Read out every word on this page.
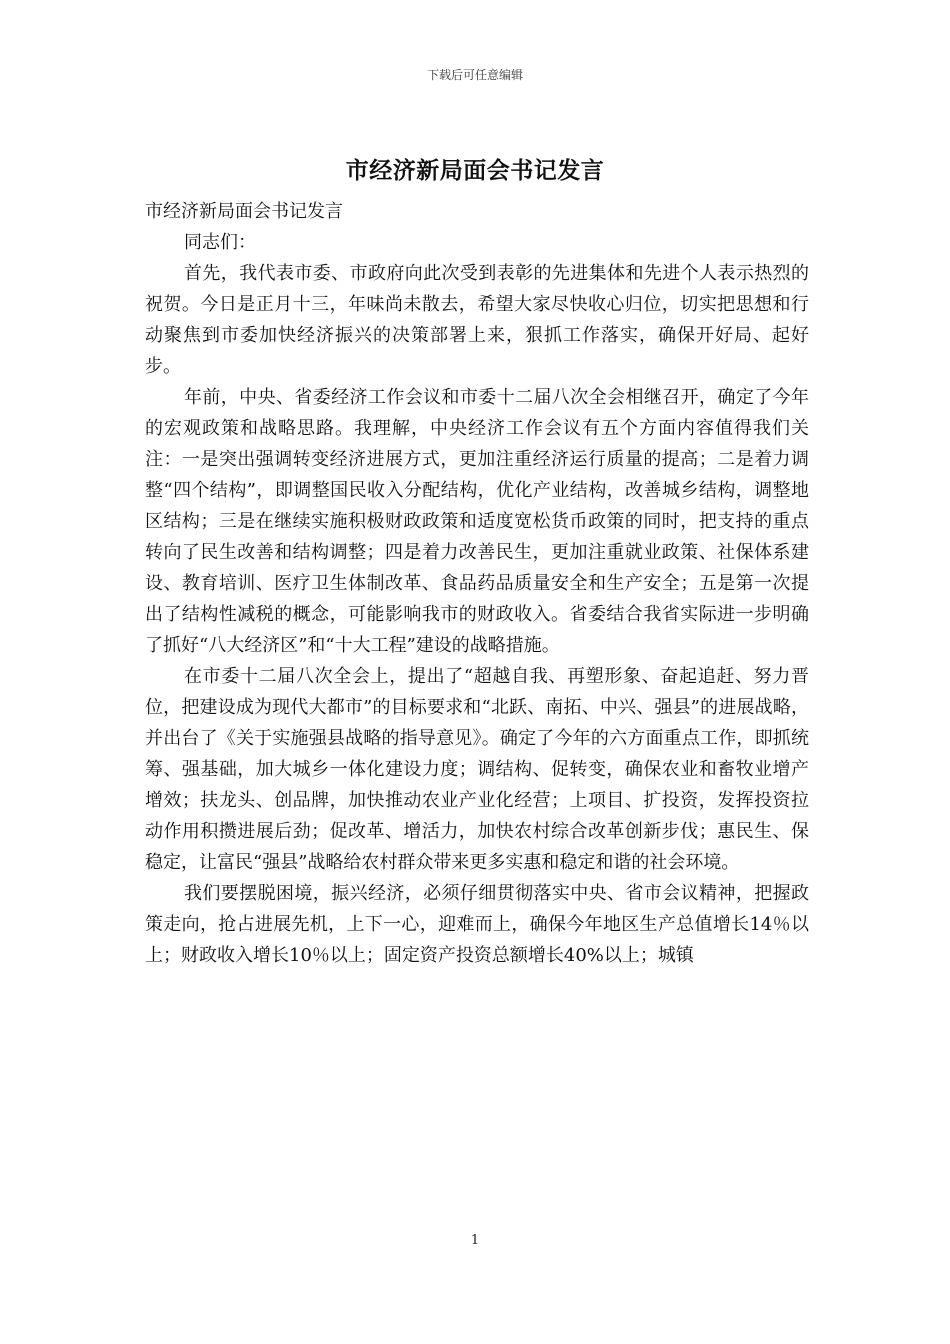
下载后可任意编辑
市经济新局面会书记发言

市经济新局面会书记发言

同志们：

首先，我代表市委、市政府向此次受到表彰的先进集体和先进个人表示热烈的祝贺。今日是正月十三，年味尚未散去，希望大家尽快收心归位，切实把思想和行动聚焦到市委加快经济振兴的决策部署上来，狠抓工作落实，确保开好局、起好步。

年前，中央、省委经济工作会议和市委十二届八次全会相继召开，确定了今年的宏观政策和战略思路。我理解，中央经济工作会议有五个方面内容值得我们关注：一是突出强调转变经济进展方式，更加注重经济运行质量的提高；二是着力调整“四个结构”，即调整国民收入分配结构，优化产业结构，改善城乡结构，调整地区结构；三是在继续实施积极财政政策和适度宽松货币政策的同时，把支持的重点转向了民生改善和结构调整；四是着力改善民生，更加注重就业政策、社保体系建设、教育培训、医疗卫生体制改革、食品药品质量安全和生产安全；五是第一次提出了结构性减税的概念，可能影响我市的财政收入。省委结合我省实际进一步明确了抓好“八大经济区”和“十大工程”建设的战略措施。

在市委十二届八次全会上，提出了“超越自我、再塑形象、奋起追赶、努力晋位，把建设成为现代大都市”的目标要求和“北跃、南拓、中兴、强县”的进展战略，并出台了《关于实施强县战略的指导意见》。确定了今年的六方面重点工作，即抓统筹、强基础，加大城乡一体化建设力度；调结构、促转变，确保农业和畜牧业增产增效；扶龙头、创品牌，加快推动农业产业化经营；上项目、扩投资，发挥投资拉动作用积攒进展后劲；促改革、增活力，加快农村综合改革创新步伐；惠民生、保稳定，让富民“强县”战略给农村群众带来更多实惠和稳定和谐的社会环境。

我们要摆脱困境，振兴经济，必须仔细贯彻落实中央、省市会议精神，把握政策走向，抢占进展先机，上下一心，迎难而上，确保今年地区生产总值增长14％以上；财政收入增长10％以上；固定资产投资总额增长40%以上；城镇

1
